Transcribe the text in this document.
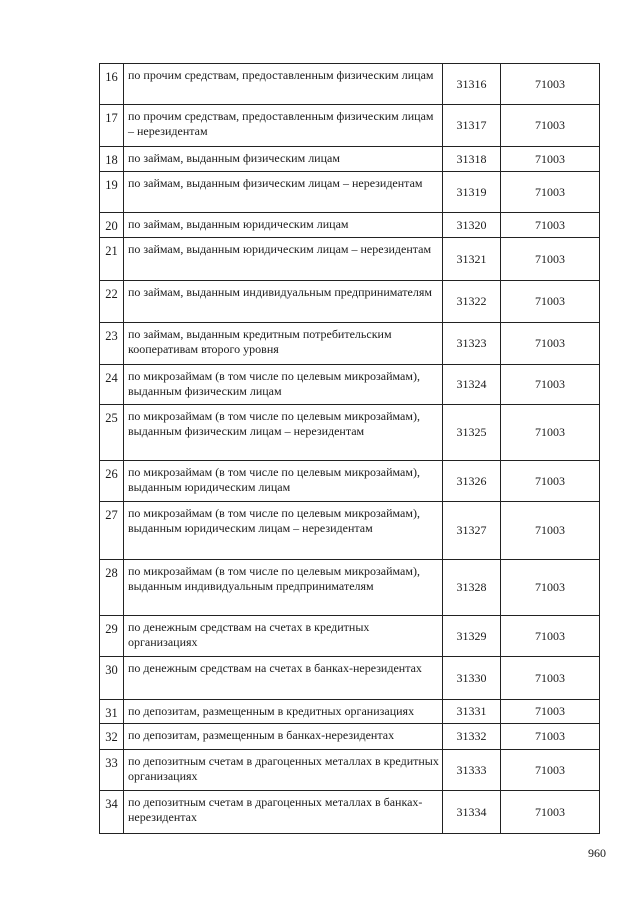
16	по прочим средствам, предоставленным физическим лицам	31316	71003
17	по прочим средствам, предоставленным физическим лицам – нерезидентам	31317	71003
18	по займам, выданным физическим лицам	31318	71003
19	по займам, выданным физическим лицам – нерезидентам	31319	71003
20	по займам, выданным юридическим лицам	31320	71003
21	по займам, выданным юридическим лицам – нерезидентам	31321	71003
22	по займам, выданным индивидуальным предпринимателям	31322	71003
23	по займам, выданным кредитным потребительским кооперативам второго уровня	31323	71003
24	по микрозаймам (в том числе по целевым микрозаймам), выданным физическим лицам	31324	71003
25	по микрозаймам (в том числе по целевым микрозаймам), выданным физическим лицам – нерезидентам	31325	71003
26	по микрозаймам (в том числе по целевым микрозаймам), выданным юридическим лицам	31326	71003
27	по микрозаймам (в том числе по целевым микрозаймам), выданным юридическим лицам – нерезидентам	31327	71003
28	по микрозаймам (в том числе по целевым микрозаймам), выданным индивидуальным предпринимателям	31328	71003
29	по денежным средствам на счетах в кредитных организациях	31329	71003
30	по денежным средствам на счетах в банках-нерезидентах	31330	71003
31	по депозитам, размещенным в кредитных организациях	31331	71003
32	по депозитам, размещенным в банках-нерезидентах	31332	71003
33	по депозитным счетам в драгоценных металлах в кредитных организациях	31333	71003
34	по депозитным счетам в драгоценных металлах в банках-нерезидентах	31334	71003
960
